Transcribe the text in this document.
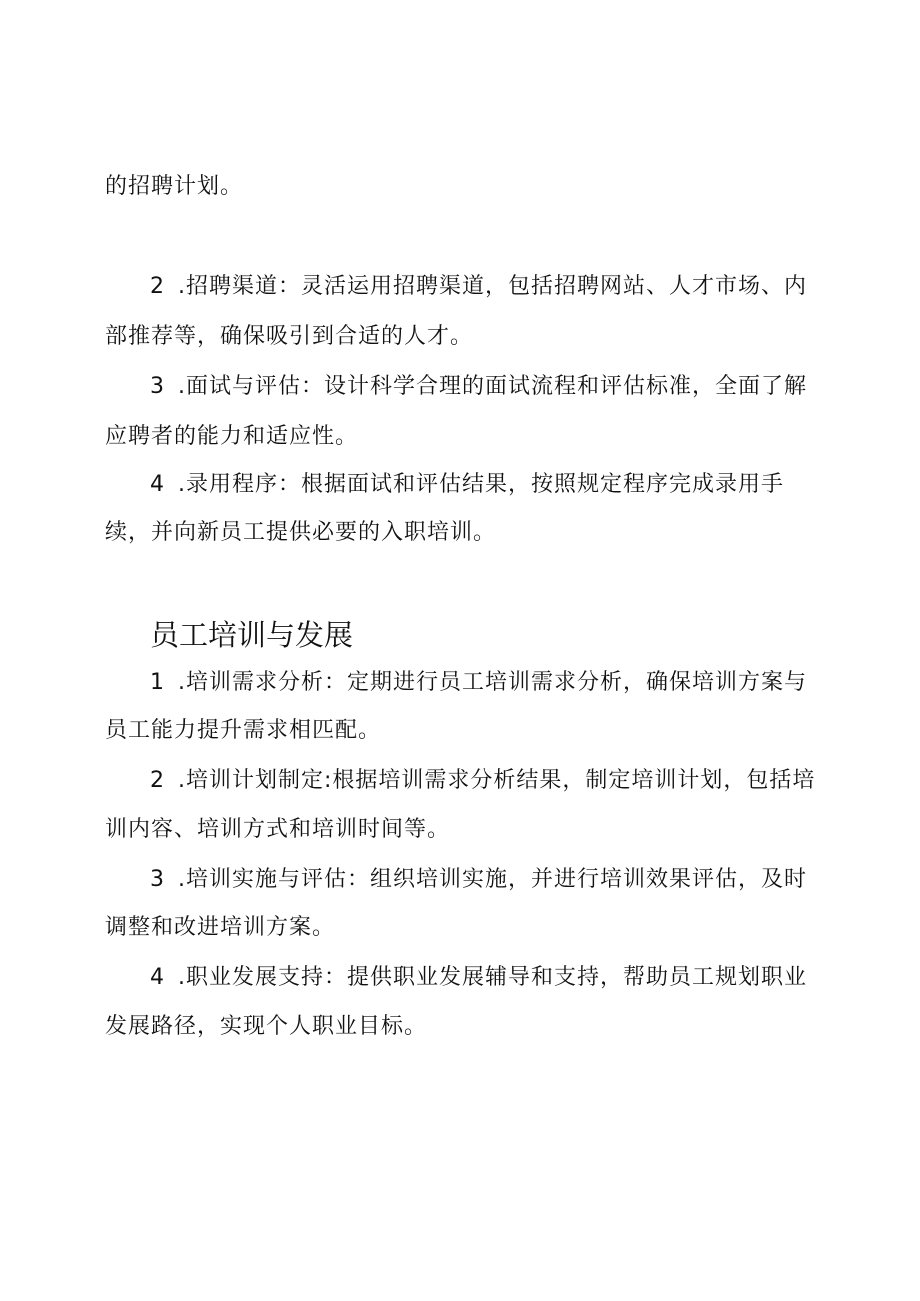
的招聘计划。

2 .招聘渠道：灵活运用招聘渠道，包括招聘网站、人才市场、内

部推荐等，确保吸引到合适的人才。

3 .面试与评估：设计科学合理的面试流程和评估标准，全面了解

应聘者的能力和适应性。

4 .录用程序：根据面试和评估结果，按照规定程序完成录用手

续，并向新员工提供必要的入职培训。

员工培训与发展

1 .培训需求分析：定期进行员工培训需求分析，确保培训方案与

员工能力提升需求相匹配。

2 .培训计划制定:根据培训需求分析结果，制定培训计划，包括培

训内容、培训方式和培训时间等。

3 .培训实施与评估：组织培训实施，并进行培训效果评估，及时

调整和改进培训方案。

4 .职业发展支持：提供职业发展辅导和支持，帮助员工规划职业

发展路径，实现个人职业目标。
